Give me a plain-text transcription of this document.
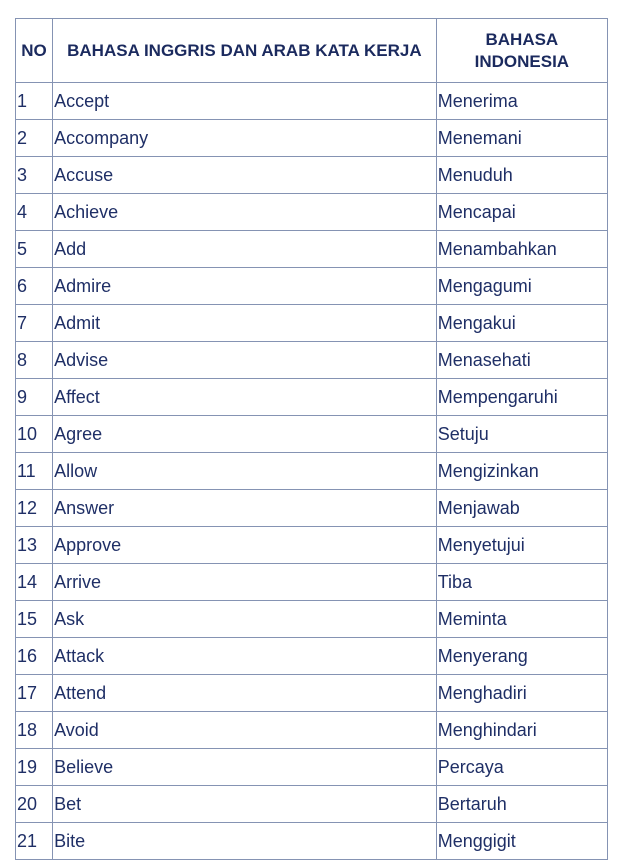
NO	BAHASA INGGRIS DAN ARAB KATA KERJA	BAHASA INDONESIA
1	Accept	Menerima
2	Accompany	Menemani
3	Accuse	Menuduh
4	Achieve	Mencapai
5	Add	Menambahkan
6	Admire	Mengagumi
7	Admit	Mengakui
8	Advise	Menasehati
9	Affect	Mempengaruhi
10	Agree	Setuju
11	Allow	Mengizinkan
12	Answer	Menjawab
13	Approve	Menyetujui
14	Arrive	Tiba
15	Ask	Meminta
16	Attack	Menyerang
17	Attend	Menghadiri
18	Avoid	Menghindari
19	Believe	Percaya
20	Bet	Bertaruh
21	Bite	Menggigit
